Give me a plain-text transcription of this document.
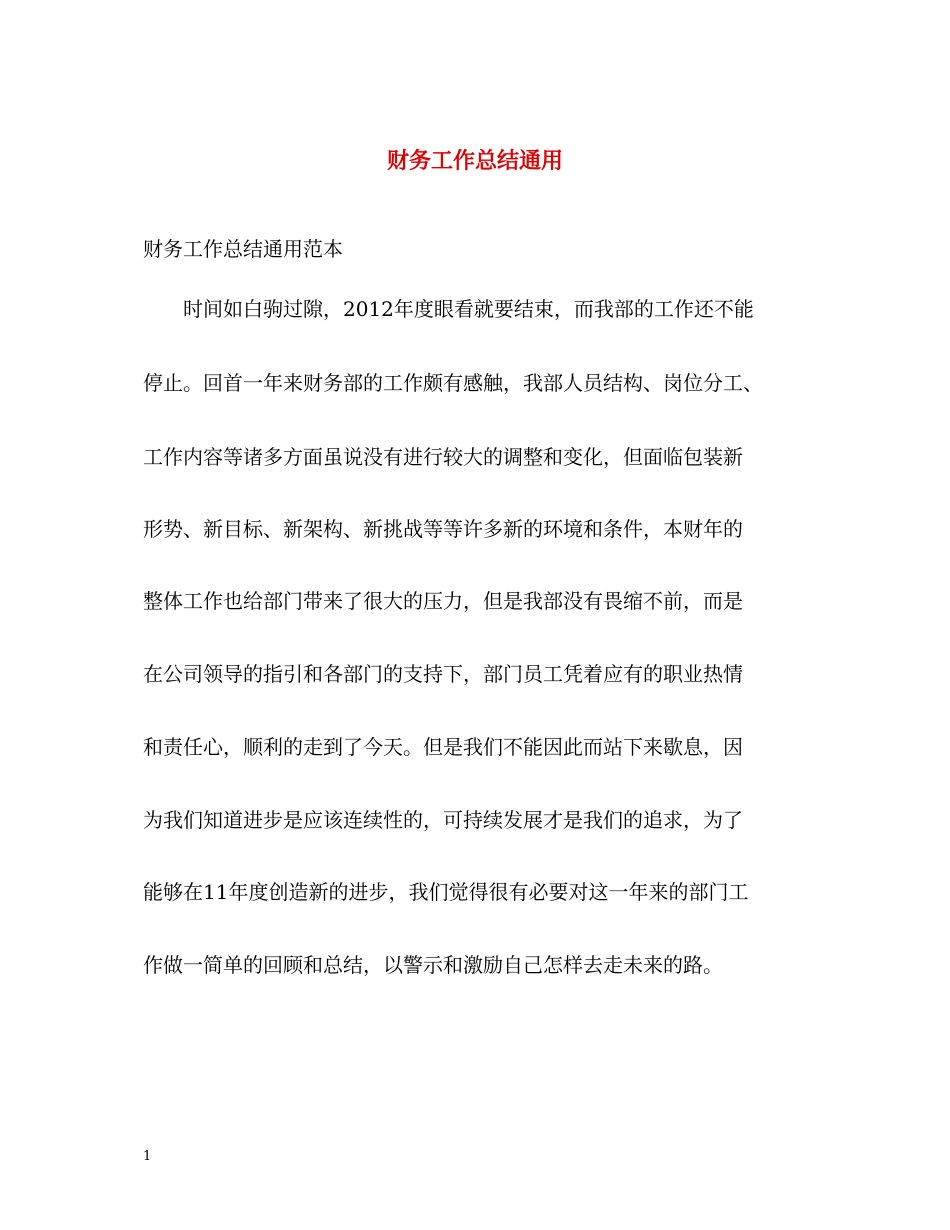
财务工作总结通用

财务工作总结通用范本

时间如白驹过隙，2012年度眼看就要结束，而我部的工作还不能

停止。回首一年来财务部的工作颇有感触，我部人员结构、岗位分工、

工作内容等诸多方面虽说没有进行较大的调整和变化，但面临包装新

形势、新目标、新架构、新挑战等等许多新的环境和条件，本财年的

整体工作也给部门带来了很大的压力，但是我部没有畏缩不前，而是

在公司领导的指引和各部门的支持下，部门员工凭着应有的职业热情

和责任心，顺利的走到了今天。但是我们不能因此而站下来歇息，因

为我们知道进步是应该连续性的，可持续发展才是我们的追求，为了

能够在11年度创造新的进步，我们觉得很有必要对这一年来的部门工

作做一简单的回顾和总结，以警示和激励自己怎样去走未来的路。

1
